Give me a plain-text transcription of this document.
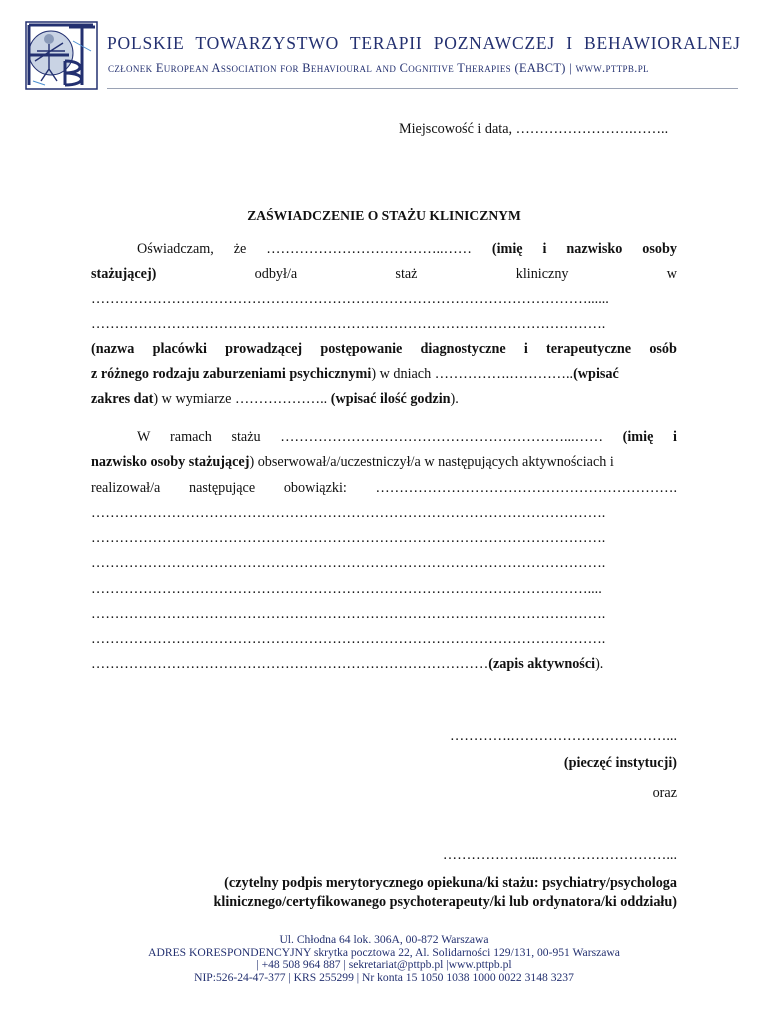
POLSKIE TOWARZYSTWO TERAPII POZNAWCZEJ I BEHAWIORALNEJ
członek European Association for Behavioural and Cognitive Therapies (EABCT) | www.pttpb.pl
Miejscowość i data, …………………….……..
ZAŚWIADCZENIE O STAŻU KLINICZNYM
Oświadczam, że ………………………………..…… (imię i nazwisko osoby
stażującej)	odbył/a	staż	kliniczny	w
……………………………………………………………………………………………......
……………………………………………………………………………………………….
(nazwa placówki prowadzącej postępowanie diagnostyczne i terapeutyczne osób
z różnego rodzaju zaburzeniami psychicznymi) w dniach …………….…………..(wpisać
zakres dat) w wymiarze ……………….. (wpisać ilość godzin).
W ramach stażu ……………………………………………………...…… (imię i
nazwisko osoby stażującej) obserwował/a/uczestniczył/a w następujących aktywnościach i
realizował/a następujące obowiązki: ……………………………………………………….
……………………………………………………………………………………………….
……………………………………………………………………………………………….
……………………………………………………………………………………………….
……………………………………………………………………………………………....
……………………………………………………………………………………………….
……………………………………………………………………………………………….
…………………………………………………………………………(zapis aktywności).
………….……………………………...
(pieczęć instytucji)
oraz
………………...………………………...
(czytelny podpis merytorycznego opiekuna/ki stażu: psychiatry/psychologa
klinicznego/certyfikowanego psychoterapeuty/ki lub ordynatora/ki oddziału)
Ul. Chłodna 64 lok. 306A, 00-872 Warszawa
ADRES KORESPONDENCYJNY skrytka pocztowa 22, Al. Solidarności 129/131, 00-951 Warszawa
| +48 508 964 887 | sekretariat@pttpb.pl |www.pttpb.pl
NIP:526-24-47-377 | KRS 255299 | Nr konta 15 1050 1038 1000 0022 3148 3237
